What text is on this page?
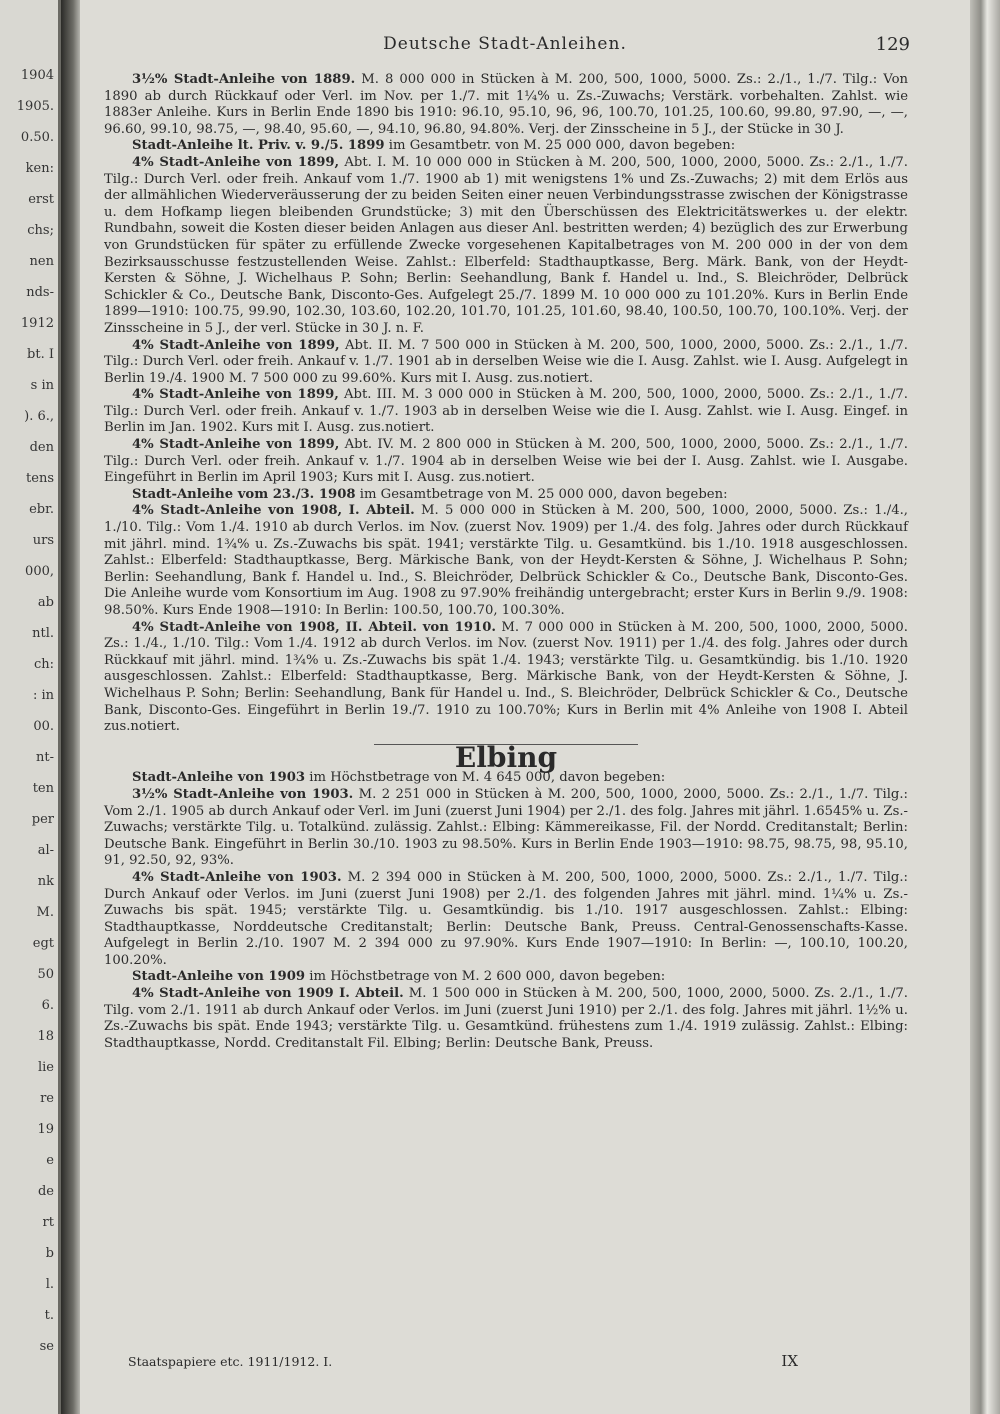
1904
1905.
0.50.
ken:
erst
chs;
nen
nds-
1912
bt. I
s in
). 6.,
den
tens
ebr.
urs
000,
ab
ntl.
ch:
: in
00.
nt-
ten
per
al-
nk
M.
egt
50
6.
18
lie
re
19
e
de
rt
b
l.
t.
se
Deutsche Stadt-Anleihen.	129

3½% Stadt-Anleihe von 1889. M. 8 000 000 in Stücken à M. 200, 500, 1000, 5000. Zs.: 2./1., 1./7. Tilg.: Von 1890 ab durch Rückkauf oder Verl. im Nov. per 1./7. mit 1¼% u. Zs.-Zuwachs; Verstärk. vorbehalten. Zahlst. wie 1883er Anleihe. Kurs in Berlin Ende 1890 bis 1910: 96.10, 95.10, 96, 96, 100.70, 101.25, 100.60, 99.80, 97.90, —, —, 96.60, 99.10, 98.75, —, 98.40, 95.60, —, 94.10, 96.80, 94.80%. Verj. der Zinsscheine in 5 J., der Stücke in 30 J.

Stadt-Anleihe lt. Priv. v. 9./5. 1899 im Gesamtbetr. von M. 25 000 000, davon begeben:

4% Stadt-Anleihe von 1899, Abt. I. M. 10 000 000 in Stücken à M. 200, 500, 1000, 2000, 5000. Zs.: 2./1., 1./7. Tilg.: Durch Verl. oder freih. Ankauf vom 1./7. 1900 ab 1) mit wenigstens 1% und Zs.-Zuwachs; 2) mit dem Erlös aus der allmählichen Wiederveräusserung der zu beiden Seiten einer neuen Verbindungsstrasse zwischen der Königstrasse u. dem Hofkamp liegen bleibenden Grundstücke; 3) mit den Überschüssen des Elektricitätswerkes u. der elektr. Rundbahn, soweit die Kosten dieser beiden Anlagen aus dieser Anl. bestritten werden; 4) bezüglich des zur Erwerbung von Grundstücken für später zu erfüllende Zwecke vorgesehenen Kapitalbetrages von M. 200 000 in der von dem Bezirksausschusse festzustellenden Weise. Zahlst.: Elberfeld: Stadthauptkasse, Berg. Märk. Bank, von der Heydt-Kersten & Söhne, J. Wichelhaus P. Sohn; Berlin: Seehandlung, Bank f. Handel u. Ind., S. Bleichröder, Delbrück Schickler & Co., Deutsche Bank, Disconto-Ges. Aufgelegt 25./7. 1899 M. 10 000 000 zu 101.20%. Kurs in Berlin Ende 1899—1910: 100.75, 99.90, 102.30, 103.60, 102.20, 101.70, 101.25, 101.60, 98.40, 100.50, 100.70, 100.10%. Verj. der Zinsscheine in 5 J., der verl. Stücke in 30 J. n. F.

4% Stadt-Anleihe von 1899, Abt. II. M. 7 500 000 in Stücken à M. 200, 500, 1000, 2000, 5000. Zs.: 2./1., 1./7. Tilg.: Durch Verl. oder freih. Ankauf v. 1./7. 1901 ab in derselben Weise wie die I. Ausg. Zahlst. wie I. Ausg. Aufgelegt in Berlin 19./4. 1900 M. 7 500 000 zu 99.60%. Kurs mit I. Ausg. zus.notiert.

4% Stadt-Anleihe von 1899, Abt. III. M. 3 000 000 in Stücken à M. 200, 500, 1000, 2000, 5000. Zs.: 2./1., 1./7. Tilg.: Durch Verl. oder freih. Ankauf v. 1./7. 1903 ab in derselben Weise wie die I. Ausg. Zahlst. wie I. Ausg. Eingef. in Berlin im Jan. 1902. Kurs mit I. Ausg. zus.notiert.

4% Stadt-Anleihe von 1899, Abt. IV. M. 2 800 000 in Stücken à M. 200, 500, 1000, 2000, 5000. Zs.: 2./1., 1./7. Tilg.: Durch Verl. oder freih. Ankauf v. 1./7. 1904 ab in derselben Weise wie bei der I. Ausg. Zahlst. wie I. Ausgabe. Eingeführt in Berlin im April 1903; Kurs mit I. Ausg. zus.notiert.

Stadt-Anleihe vom 23./3. 1908 im Gesamtbetrage von M. 25 000 000, davon begeben:

4% Stadt-Anleihe von 1908, I. Abteil. M. 5 000 000 in Stücken à M. 200, 500, 1000, 2000, 5000. Zs.: 1./4., 1./10. Tilg.: Vom 1./4. 1910 ab durch Verlos. im Nov. (zuerst Nov. 1909) per 1./4. des folg. Jahres oder durch Rückkauf mit jährl. mind. 1¾% u. Zs.-Zuwachs bis spät. 1941; verstärkte Tilg. u. Gesamtkünd. bis 1./10. 1918 ausgeschlossen. Zahlst.: Elberfeld: Stadthauptkasse, Berg. Märkische Bank, von der Heydt-Kersten & Söhne, J. Wichelhaus P. Sohn; Berlin: Seehandlung, Bank f. Handel u. Ind., S. Bleichröder, Delbrück Schickler & Co., Deutsche Bank, Disconto-Ges. Die Anleihe wurde vom Konsortium im Aug. 1908 zu 97.90% freihändig untergebracht; erster Kurs in Berlin 9./9. 1908: 98.50%. Kurs Ende 1908—1910: In Berlin: 100.50, 100.70, 100.30%.

4% Stadt-Anleihe von 1908, II. Abteil. von 1910. M. 7 000 000 in Stücken à M. 200, 500, 1000, 2000, 5000. Zs.: 1./4., 1./10. Tilg.: Vom 1./4. 1912 ab durch Verlos. im Nov. (zuerst Nov. 1911) per 1./4. des folg. Jahres oder durch Rückkauf mit jährl. mind. 1¾% u. Zs.-Zuwachs bis spät 1./4. 1943; verstärkte Tilg. u. Gesamtkündig. bis 1./10. 1920 ausgeschlossen. Zahlst.: Elberfeld: Stadthauptkasse, Berg. Märkische Bank, von der Heydt-Kersten & Söhne, J. Wichelhaus P. Sohn; Berlin: Seehandlung, Bank für Handel u. Ind., S. Bleichröder, Delbrück Schickler & Co., Deutsche Bank, Disconto-Ges. Eingeführt in Berlin 19./7. 1910 zu 100.70%; Kurs in Berlin mit 4% Anleihe von 1908 I. Abteil zus.notiert.

Elbing

Stadt-Anleihe von 1903 im Höchstbetrage von M. 4 645 000, davon begeben:

3½% Stadt-Anleihe von 1903. M. 2 251 000 in Stücken à M. 200, 500, 1000, 2000, 5000. Zs.: 2./1., 1./7. Tilg.: Vom 2./1. 1905 ab durch Ankauf oder Verl. im Juni (zuerst Juni 1904) per 2./1. des folg. Jahres mit jährl. 1.6545% u. Zs.-Zuwachs; verstärkte Tilg. u. Totalkünd. zulässig. Zahlst.: Elbing: Kämmereikasse, Fil. der Nordd. Creditanstalt; Berlin: Deutsche Bank. Eingeführt in Berlin 30./10. 1903 zu 98.50%. Kurs in Berlin Ende 1903—1910: 98.75, 98.75, 98, 95.10, 91, 92.50, 92, 93%.

4% Stadt-Anleihe von 1903. M. 2 394 000 in Stücken à M. 200, 500, 1000, 2000, 5000. Zs.: 2./1., 1./7. Tilg.: Durch Ankauf oder Verlos. im Juni (zuerst Juni 1908) per 2./1. des folgenden Jahres mit jährl. mind. 1¼% u. Zs.-Zuwachs bis spät. 1945; verstärkte Tilg. u. Gesamtkündig. bis 1./10. 1917 ausgeschlossen. Zahlst.: Elbing: Stadthauptkasse, Norddeutsche Creditanstalt; Berlin: Deutsche Bank, Preuss. Central-Genossenschafts-Kasse. Aufgelegt in Berlin 2./10. 1907 M. 2 394 000 zu 97.90%. Kurs Ende 1907—1910: In Berlin: —, 100.10, 100.20, 100.20%.

Stadt-Anleihe von 1909 im Höchstbetrage von M. 2 600 000, davon begeben:

4% Stadt-Anleihe von 1909 I. Abteil. M. 1 500 000 in Stücken à M. 200, 500, 1000, 2000, 5000. Zs. 2./1., 1./7. Tilg. vom 2./1. 1911 ab durch Ankauf oder Verlos. im Juni (zuerst Juni 1910) per 2./1. des folg. Jahres mit jährl. 1½% u. Zs.-Zuwachs bis spät. Ende 1943; verstärkte Tilg. u. Gesamtkünd. frühestens zum 1./4. 1919 zulässig. Zahlst.: Elbing: Stadthauptkasse, Nordd. Creditanstalt Fil. Elbing; Berlin: Deutsche Bank, Preuss.

Staatspapiere etc. 1911/1912. I.	IX
